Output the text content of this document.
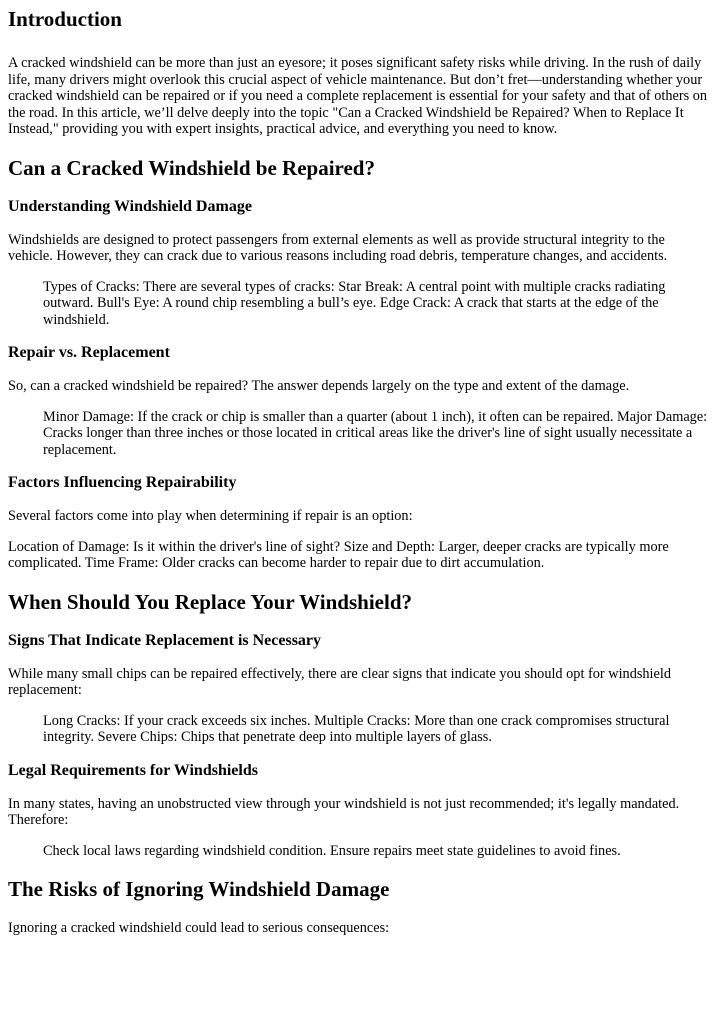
Introduction

A cracked windshield can be more than just an eyesore; it poses significant safety risks while driving. In the rush of daily life, many drivers might overlook this crucial aspect of vehicle maintenance. But don’t fret—understanding whether your cracked windshield can be repaired or if you need a complete replacement is essential for your safety and that of others on the road. In this article, we’ll delve deeply into the topic "Can a Cracked Windshield be Repaired? When to Replace It Instead," providing you with expert insights, practical advice, and everything you need to know.

Can a Cracked Windshield be Repaired?
Understanding Windshield Damage

Windshields are designed to protect passengers from external elements as well as provide structural integrity to the vehicle. However, they can crack due to various reasons including road debris, temperature changes, and accidents.

Types of Cracks: There are several types of cracks: Star Break: A central point with multiple cracks radiating outward. Bull's Eye: A round chip resembling a bull’s eye. Edge Crack: A crack that starts at the edge of the windshield.
Repair vs. Replacement

So, can a cracked windshield be repaired? The answer depends largely on the type and extent of the damage.

Minor Damage: If the crack or chip is smaller than a quarter (about 1 inch), it often can be repaired. Major Damage: Cracks longer than three inches or those located in critical areas like the driver's line of sight usually necessitate a replacement.
Factors Influencing Repairability

Several factors come into play when determining if repair is an option:

Location of Damage: Is it within the driver's line of sight? Size and Depth: Larger, deeper cracks are typically more complicated. Time Frame: Older cracks can become harder to repair due to dirt accumulation.

When Should You Replace Your Windshield?
Signs That Indicate Replacement is Necessary

While many small chips can be repaired effectively, there are clear signs that indicate you should opt for windshield replacement:

Long Cracks: If your crack exceeds six inches. Multiple Cracks: More than one crack compromises structural integrity. Severe Chips: Chips that penetrate deep into multiple layers of glass.
Legal Requirements for Windshields

In many states, having an unobstructed view through your windshield is not just recommended; it's legally mandated. Therefore:

Check local laws regarding windshield condition. Ensure repairs meet state guidelines to avoid fines.
The Risks of Ignoring Windshield Damage

Ignoring a cracked windshield could lead to serious consequences:
